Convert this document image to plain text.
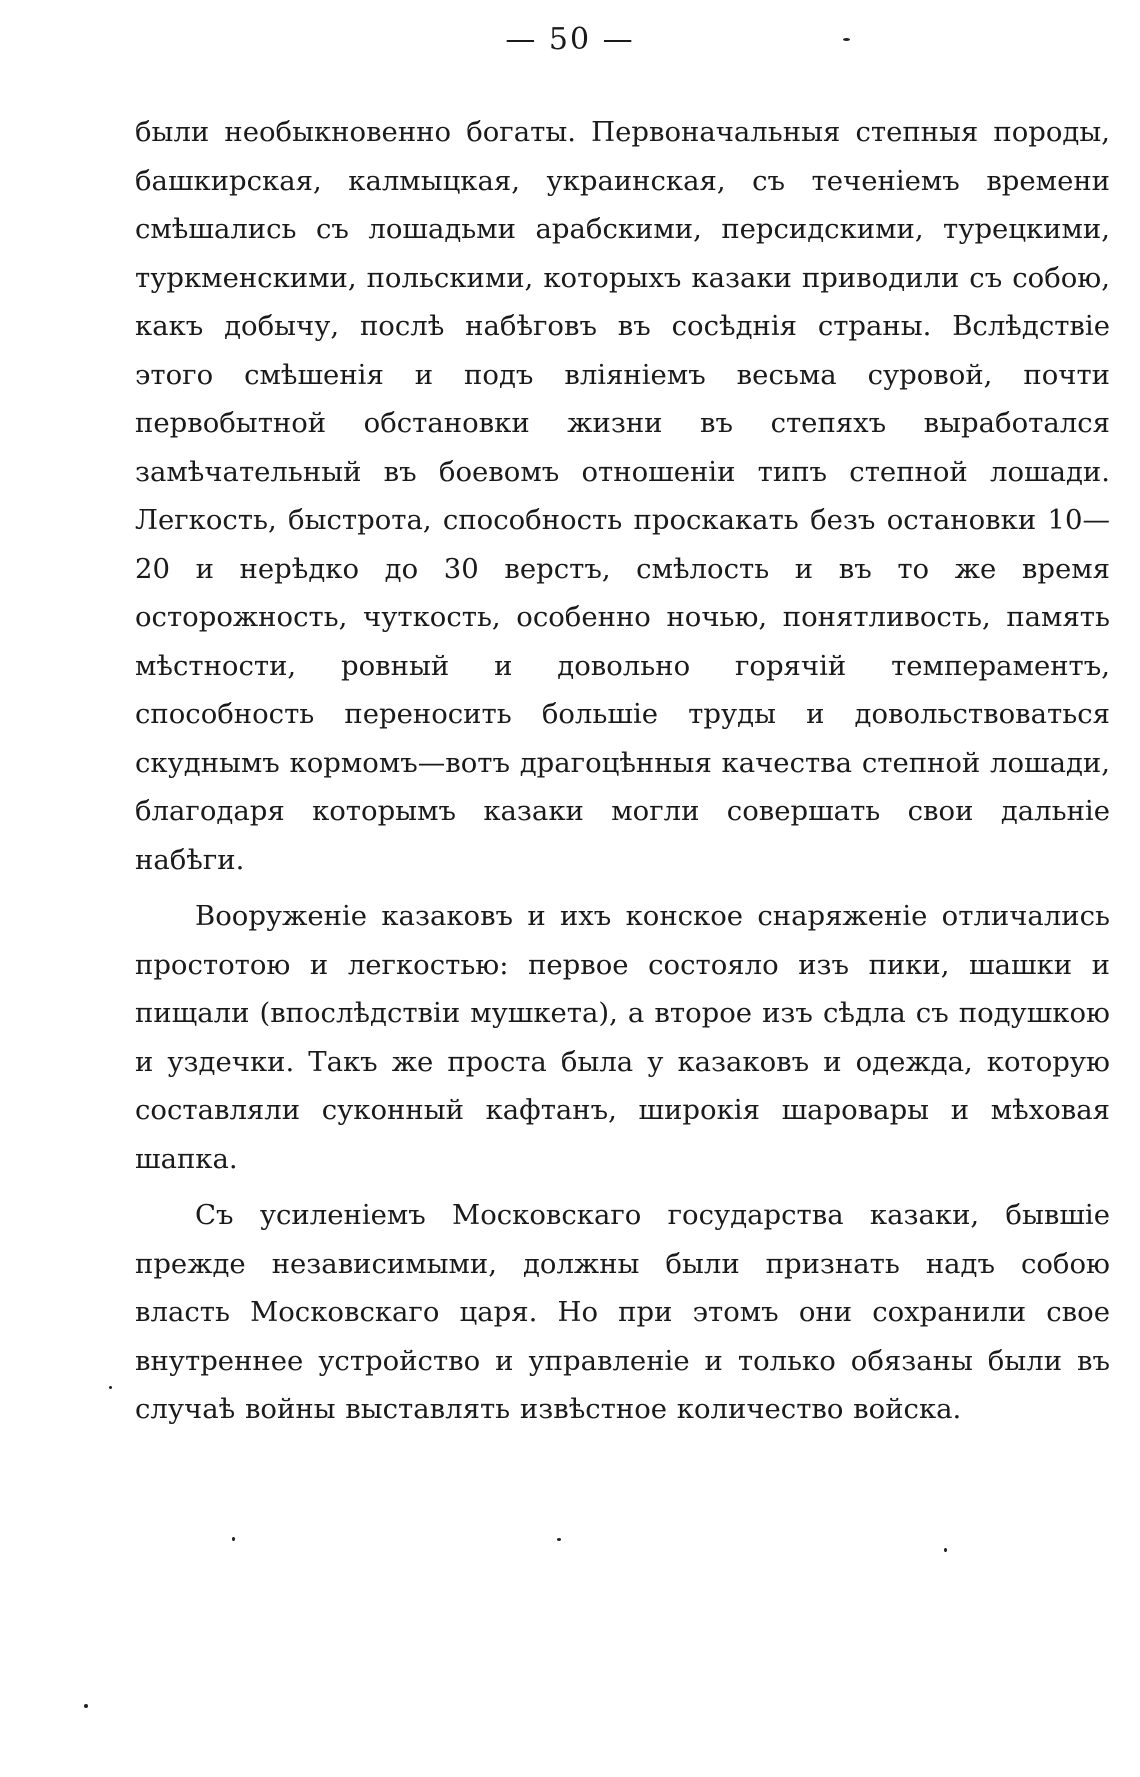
— 50 —

были необыкновенно богаты. Первоначальныя степныя породы, башкирская, калмыцкая, украинская, съ теченіемъ времени смѣшались съ лошадьми арабскими, персидскими, турецкими, туркменскими, польскими, которыхъ казаки приводили съ собою, какъ добычу, послѣ набѣговъ въ сосѣднія страны. Вслѣдствіе этого смѣшенія и подъ вліяніемъ весьма суровой, почти первобытной обстановки жизни въ степяхъ выработался замѣчательный въ боевомъ отношеніи типъ степной лошади. Легкость, быстрота, способность проскакать безъ остановки 10—20 и нерѣдко до 30 верстъ, смѣлость и въ то же время осторожность, чуткость, особенно ночью, понятливость, память мѣстности, ровный и довольно горячій темпераментъ, способность переносить большіе труды и довольствоваться скуднымъ кормомъ—вотъ драгоцѣнныя качества степной лошади, благодаря которымъ казаки могли совершать свои дальніе набѣги.

Вооруженіе казаковъ и ихъ конское снаряженіе отличались простотою и легкостью: первое состояло изъ пики, шашки и пищали (впослѣдствіи мушкета), а второе изъ сѣдла съ подушкою и уздечки. Такъ же проста была у казаковъ и одежда, которую составляли суконный кафтанъ, широкія шаровары и мѣховая шапка.

Съ усиленіемъ Московскаго государства казаки, бывшіе прежде независимыми, должны были признать надъ собою власть Московскаго царя. Но при этомъ они сохранили свое внутреннее устройство и управленіе и только обязаны были въ случаѣ войны выставлять извѣстное количество войска.
